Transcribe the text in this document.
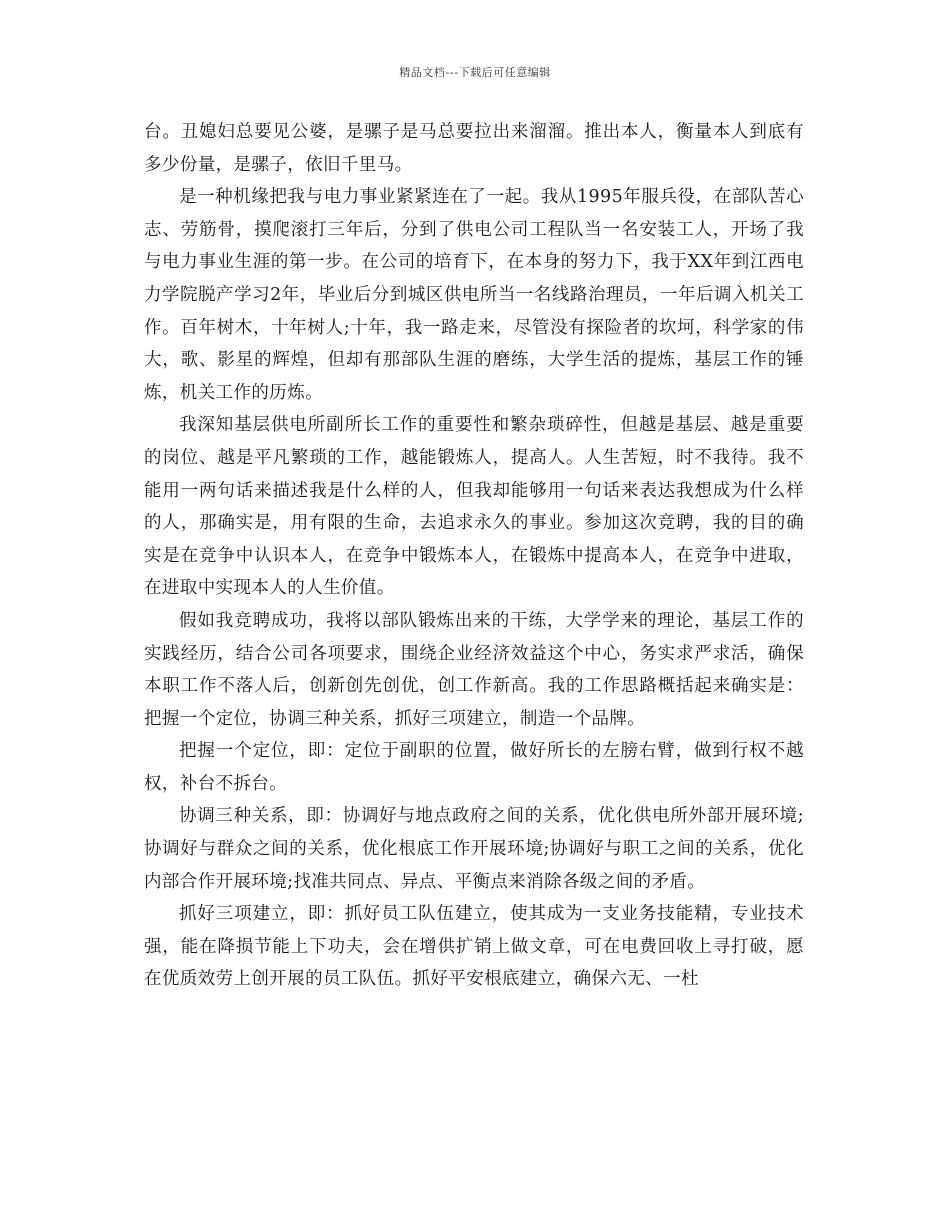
精品文档---下载后可任意编辑

台。丑媳妇总要见公婆，是骡子是马总要拉出来溜溜。推出本人，衡量本人到底有多少份量，是骡子，依旧千里马。

是一种机缘把我与电力事业紧紧连在了一起。我从1995年服兵役，在部队苦心志、劳筋骨，摸爬滚打三年后，分到了供电公司工程队当一名安装工人，开场了我与电力事业生涯的第一步。在公司的培育下，在本身的努力下，我于XX年到江西电力学院脱产学习2年，毕业后分到城区供电所当一名线路治理员，一年后调入机关工作。百年树木，十年树人;十年，我一路走来，尽管没有探险者的坎坷，科学家的伟大，歌、影星的辉煌，但却有那部队生涯的磨练，大学生活的提炼，基层工作的锤炼，机关工作的历炼。

我深知基层供电所副所长工作的重要性和繁杂琐碎性，但越是基层、越是重要的岗位、越是平凡繁琐的工作，越能锻炼人，提高人。人生苦短，时不我待。我不能用一两句话来描述我是什么样的人，但我却能够用一句话来表达我想成为什么样的人，那确实是，用有限的生命，去追求永久的事业。参加这次竞聘，我的目的确实是在竞争中认识本人，在竞争中锻炼本人，在锻炼中提高本人，在竞争中进取，在进取中实现本人的人生价值。

假如我竞聘成功，我将以部队锻炼出来的干练，大学学来的理论，基层工作的实践经历，结合公司各项要求，围绕企业经济效益这个中心，务实求严求活，确保本职工作不落人后，创新创先创优，创工作新高。我的工作思路概括起来确实是：把握一个定位，协调三种关系，抓好三项建立，制造一个品牌。

把握一个定位，即：定位于副职的位置，做好所长的左膀右臂，做到行权不越权，补台不拆台。

协调三种关系，即：协调好与地点政府之间的关系，优化供电所外部开展环境;协调好与群众之间的关系，优化根底工作开展环境;协调好与职工之间的关系，优化内部合作开展环境;找准共同点、异点、平衡点来消除各级之间的矛盾。

抓好三项建立，即：抓好员工队伍建立，使其成为一支业务技能精，专业技术强，能在降损节能上下功夫，会在增供扩销上做文章，可在电费回收上寻打破，愿在优质效劳上创开展的员工队伍。抓好平安根底建立，确保六无、一杜
